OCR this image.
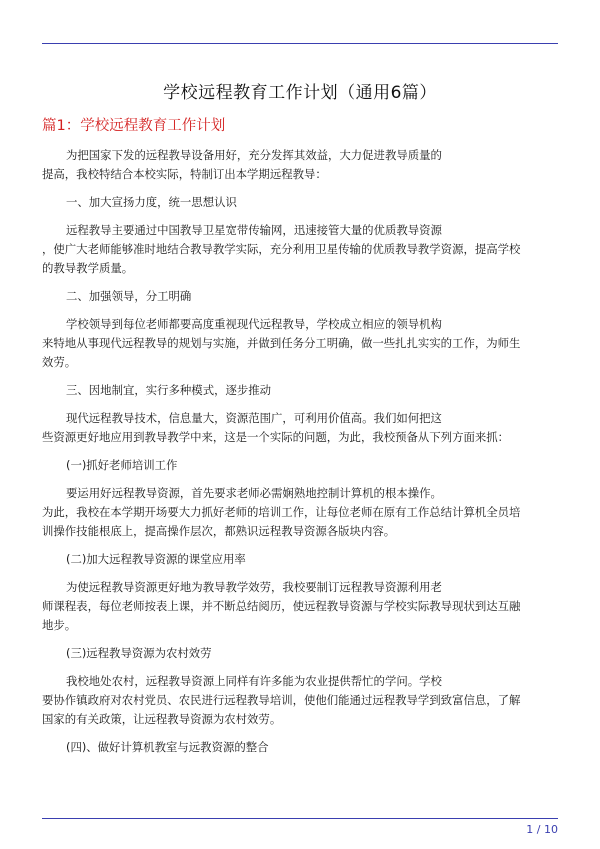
学校远程教育工作计划（通用6篇）
篇1：学校远程教育工作计划
为把国家下发的远程教导设备用好，充分发挥其效益，大力促进教导质量的
提高，我校特结合本校实际，特制订出本学期远程教导：
一、加大宣扬力度，统一思想认识
远程教导主要通过中国教导卫星宽带传输网，迅速接管大量的优质教导资源
，使广大老师能够准时地结合教导教学实际，充分利用卫星传输的优质教导教学资源，提高学校
的教导教学质量。
二、加强领导，分工明确
学校领导到每位老师都要高度重视现代远程教导，学校成立相应的领导机构
来特地从事现代远程教导的规划与实施，并做到任务分工明确，做一些扎扎实实的工作，为师生
效劳。
三、因地制宜，实行多种模式，逐步推动
现代远程教导技术，信息量大，资源范围广，可利用价值高。我们如何把这
些资源更好地应用到教导教学中来，这是一个实际的问题，为此，我校预备从下列方面来抓：
(一)抓好老师培训工作
要运用好远程教导资源，首先要求老师必需娴熟地控制计算机的根本操作。
为此，我校在本学期开场要大力抓好老师的培训工作，让每位老师在原有工作总结计算机全员培
训操作技能根底上，提高操作层次，都熟识远程教导资源各版块内容。
(二)加大远程教导资源的课堂应用率
为使远程教导资源更好地为教导教学效劳，我校要制订远程教导资源利用老
师课程表，每位老师按表上课，并不断总结阅历，使远程教导资源与学校实际教导现状到达互融
地步。
(三)远程教导资源为农村效劳
我校地处农村，远程教导资源上同样有许多能为农业提供帮忙的学问。学校
要协作镇政府对农村党员、农民进行远程教导培训，使他们能通过远程教导学到致富信息，了解
国家的有关政策，让远程教导资源为农村效劳。
(四)、做好计算机教室与远教资源的整合
1 / 10
